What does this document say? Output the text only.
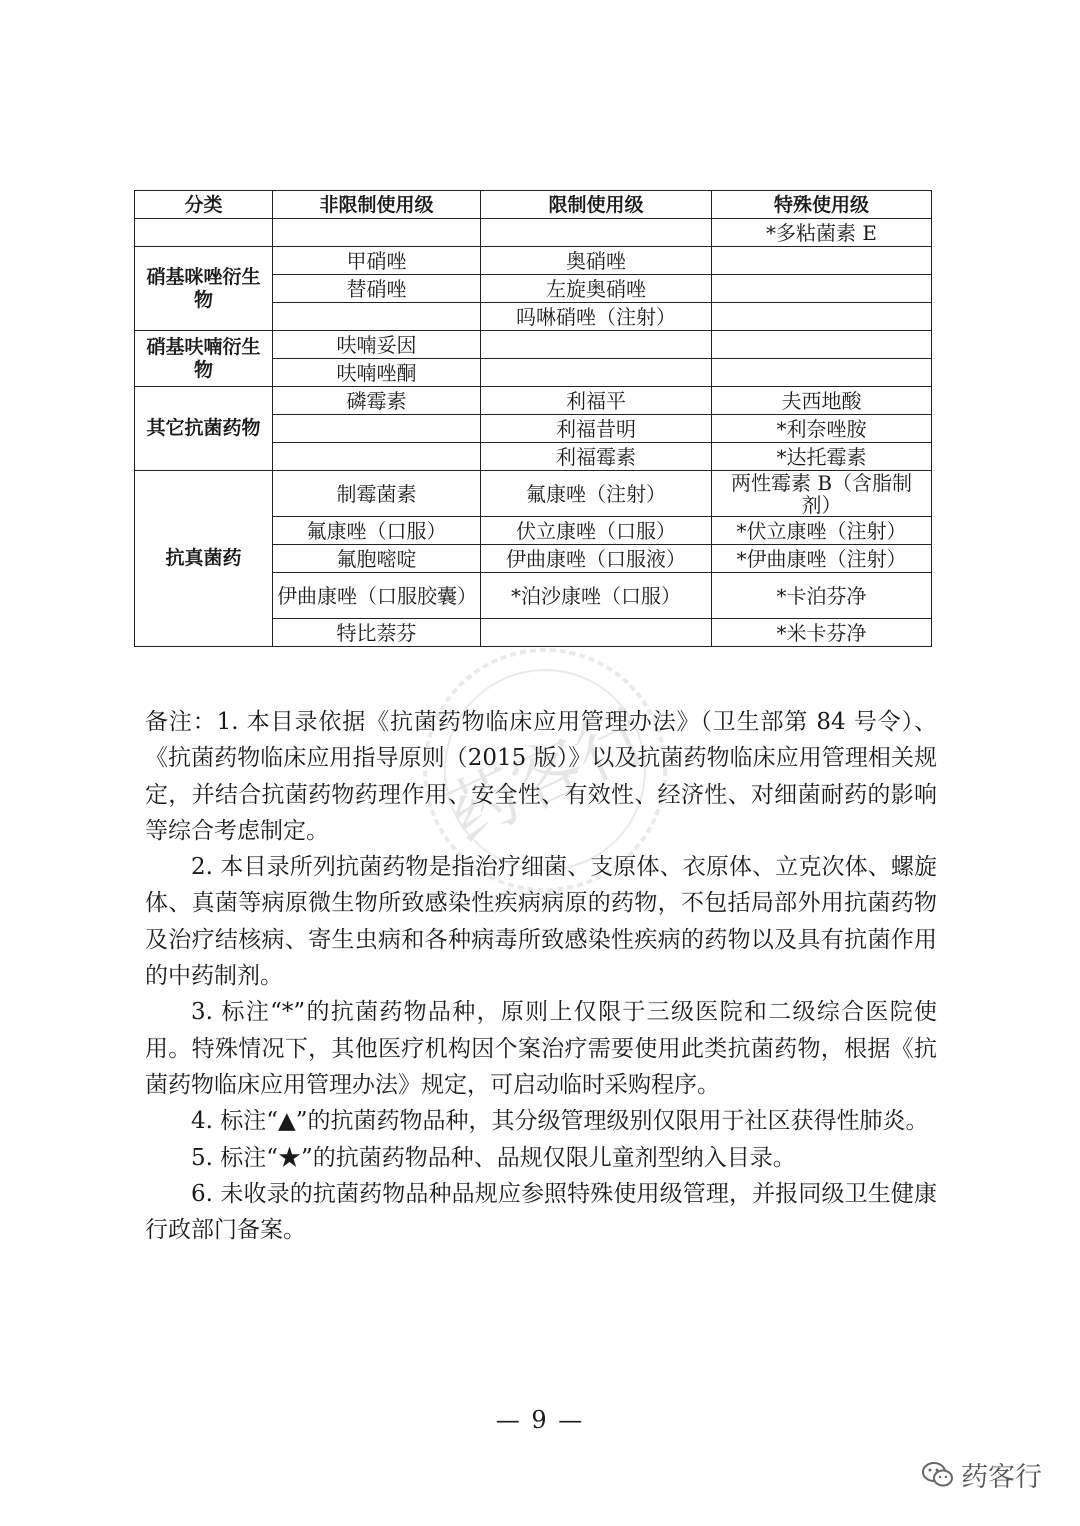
药客行
分类	非限制使用级	限制使用级	特殊使用级
			*多粘菌素 E
硝基咪唑衍生物	甲硝唑	奥硝唑	
	替硝唑	左旋奥硝唑	
		吗啉硝唑（注射）	
硝基呋喃衍生物	呋喃妥因		
	呋喃唑酮		
其它抗菌药物	磷霉素	利福平	夫西地酸
		利福昔明	*利奈唑胺
		利福霉素	*达托霉素
抗真菌药	制霉菌素	氟康唑（注射）	两性霉素 B（含脂制剂）
	氟康唑（口服）	伏立康唑（口服）	*伏立康唑（注射）
	氟胞嘧啶	伊曲康唑（口服液）	*伊曲康唑（注射）
	伊曲康唑（口服胶囊）	*泊沙康唑（口服）	*卡泊芬净
	特比萘芬		*米卡芬净

备注：1. 本目录依据《抗菌药物临床应用管理办法》（卫生部第 84 号令）、《抗菌药物临床应用指导原则（2015 版）》以及抗菌药物临床应用管理相关规定，并结合抗菌药物药理作用、安全性、有效性、经济性、对细菌耐药的影响等综合考虑制定。

2. 本目录所列抗菌药物是指治疗细菌、支原体、衣原体、立克次体、螺旋体、真菌等病原微生物所致感染性疾病病原的药物，不包括局部外用抗菌药物及治疗结核病、寄生虫病和各种病毒所致感染性疾病的药物以及具有抗菌作用的中药制剂。

3. 标注“*”的抗菌药物品种，原则上仅限于三级医院和二级综合医院使用。特殊情况下，其他医疗机构因个案治疗需要使用此类抗菌药物，根据《抗菌药物临床应用管理办法》规定，可启动临时采购程序。

4. 标注“▲”的抗菌药物品种，其分级管理级别仅限用于社区获得性肺炎。

5. 标注“★”的抗菌药物品种、品规仅限儿童剂型纳入目录。

6. 未收录的抗菌药物品种品规应参照特殊使用级管理，并报同级卫生健康行政部门备案。

— 9 —
药客行
